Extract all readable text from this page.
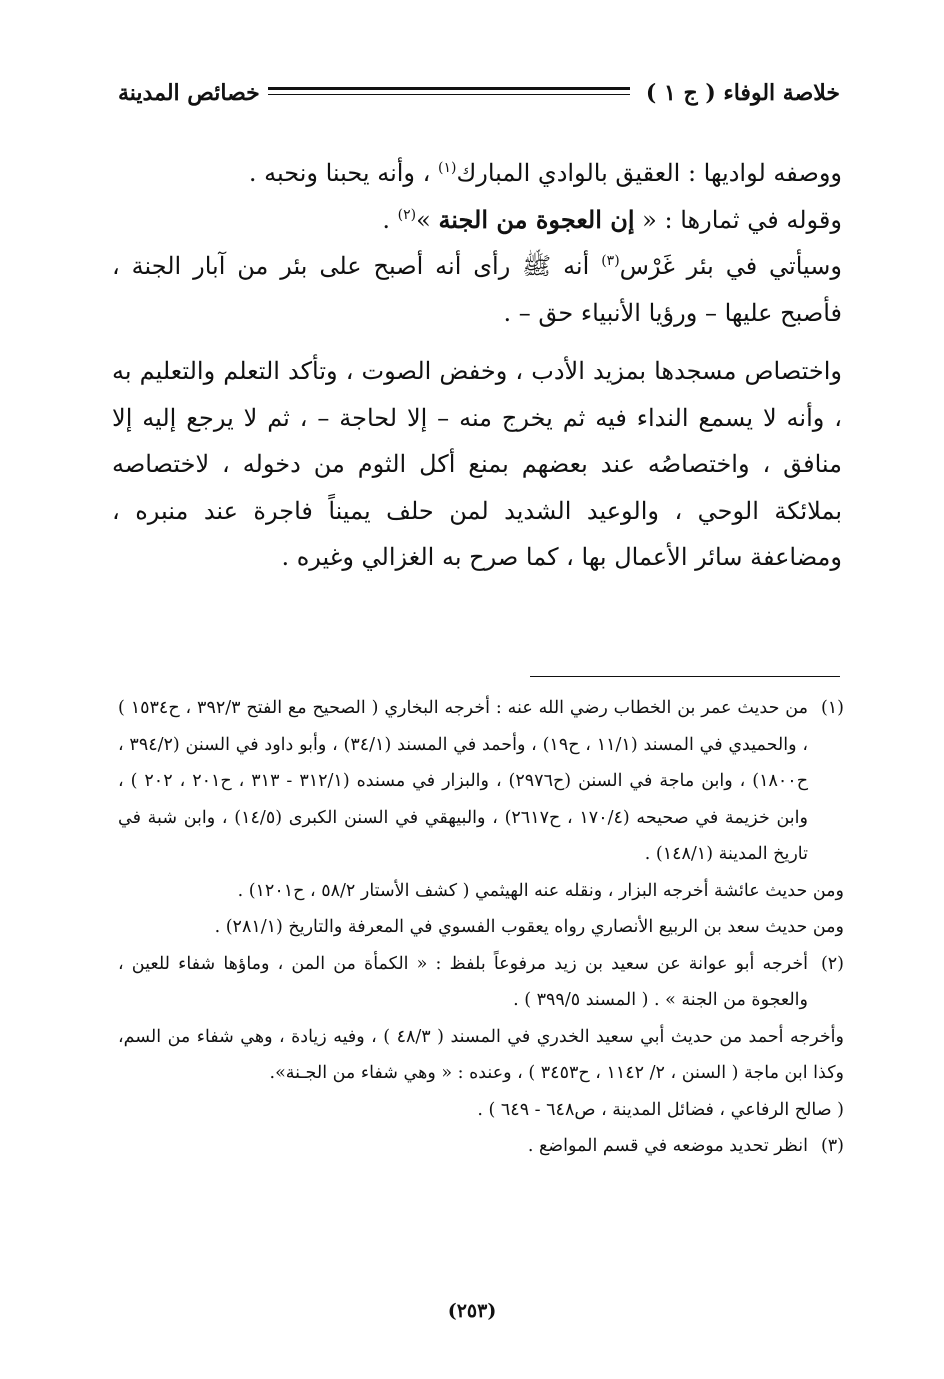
خلاصة الوفاء ( ج ١ )
خصائص المدينة

ووصفه لواديها : العقيق بالوادي المبارك$^{(١)}$ ، وأنه يحبنا ونحبه .

وقوله في ثمارها : « إن العجوة من الجنة »$^{(٢)}$ .

وسيأتي في بئر غَرْس$^{(٣)}$ أنه ﷺ رأى أنه أصبح على بئر من آبار الجنة ، فأصبح عليها – ورؤيا الأنبياء حق – .

واختصاص مسجدها بمزيد الأدب ، وخفض الصوت ، وتأكد التعلم والتعليم به ، وأنه لا يسمع النداء فيه ثم يخرج منه – إلا لحاجة – ، ثم لا يرجع إليه إلا منافق ، واختصاصُه عند بعضهم بمنع أكل الثوم من دخوله ، لاختصاصه بملائكة الوحي ، والوعيد الشديد لمن حلف يميناً فاجرة عند منبره ، ومضاعفة سائر الأعمال بها ، كما صرح به الغزالي وغيره .

(١)

من حديث عمر بن الخطاب رضي الله عنه : أخرجه البخاري ( الصحيح مع الفتح ٣٩٢/٣ ، ح١٥٣٤ ) ، والحميدي في المسند (١١/١ ، ح١٩) ، وأحمد في المسند (٣٤/١) ، وأبو داود في السنن (٣٩٤/٢ ، ح١٨٠٠) ، وابن ماجة في السنن (ح٢٩٧٦) ، والبزار في مسنده (٣١٢/١ - ٣١٣ ، ح٢٠١ ، ٢٠٢ ) ، وابن خزيمة في صحيحه (١٧٠/٤ ، ح٢٦١٧) ، والبيهقي في السنن الكبرى (١٤/٥) ، وابن شبة في تاريخ المدينة (١٤٨/١) .

ومن حديث عائشة أخرجه البزار ، ونقله عنه الهيثمي ( كشف الأستار ٥٨/٢ ، ح١٢٠١) .

ومن حديث سعد بن الربيع الأنصاري رواه يعقوب الفسوي في المعرفة والتاريخ (٢٨١/١) .

(٢)

أخرجه أبو عوانة عن سعيد بن زيد مرفوعاً بلفظ : « الكمأة من المن ، وماؤها شفاء للعين ، والعجوة من الجنة » . ( المسند ٣٩٩/٥ ) .

وأخرجه أحمد من حديث أبي سعيد الخدري في المسند ( ٤٨/٣ ) ، وفيه زيادة ، وهي شفاء من السم، وكذا ابن ماجة ( السنن ، ٢/ ١١٤٢ ، ح٣٤٥٣ ) ، وعنده : « وهي شفاء من الجـنة».

( صالح الرفاعي ، فضائل المدينة ، ص٦٤٨ - ٦٤٩ ) .

(٣)

انظر تحديد موضعه في قسم المواضع .

(٢٥٣)
